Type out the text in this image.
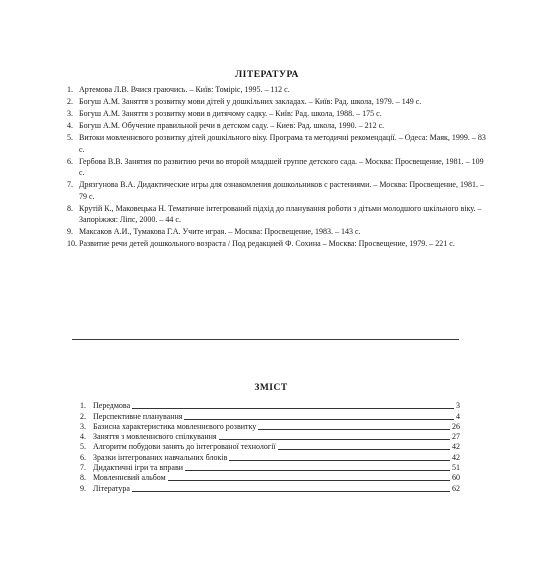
ЛІТЕРАТУРА
1. Артемова Л.В. Вчися граючись. – Київ: Томіріс, 1995. – 112 с.
2. Богуш А.М. Заняття з розвитку мови дітей у дошкільних закладах. – Київ: Рад. школа, 1979. – 149 с.
3. Богуш А.М. Заняття з розвитку мови в дитячому садку. – Київ: Рад. школа, 1988. – 175 с.
4. Богуш А.М. Обучение правильной речи в детском саду. – Киев: Рад. школа, 1990. – 212 с.
5. Витоки мовленнєвого розвитку дітей дошкільного віку. Програма та методичні рекомендації. – Одеса: Маяк, 1999. – 83 с.
6. Гербова В.В. Занятия по развитию речи во второй младшей группе детского сада. – Москва: Просвещение, 1981. – 109 с.
7. Дрязгунова В.А. Дидактические игры для ознакомления дошкольников с растениями. – Москва: Просвещение, 1981. – 79 с.
8. Крутій К., Маковецька Н. Тематичне інтегрований підхід до планування роботи з дітьми молодшого шкільного віку. – Запоріжжя: Ліпс, 2000. – 44 с.
9. Максаков А.И., Тумакова Г.А. Учите играя. – Москва: Просвещение, 1983. – 143 с.
10. Развитие речи детей дошкольного возраста / Под редакцией Ф. Сохина – Москва: Просвещение, 1979. – 221 с.
ЗМІСТ
1. Передмова	3
2. Перспективне планування	4
3. Базисна характеристика мовленнєвого розвитку	26
4. Заняття з мовленнєвого спілкування	27
5. Алгоритм побудови занять до інтегрованої технології	42
6. Зразки інтегрованих навчальних блоків	42
7. Дидактичні ігри та вправи	51
8. Мовленнєвий альбом	60
9. Література	62
